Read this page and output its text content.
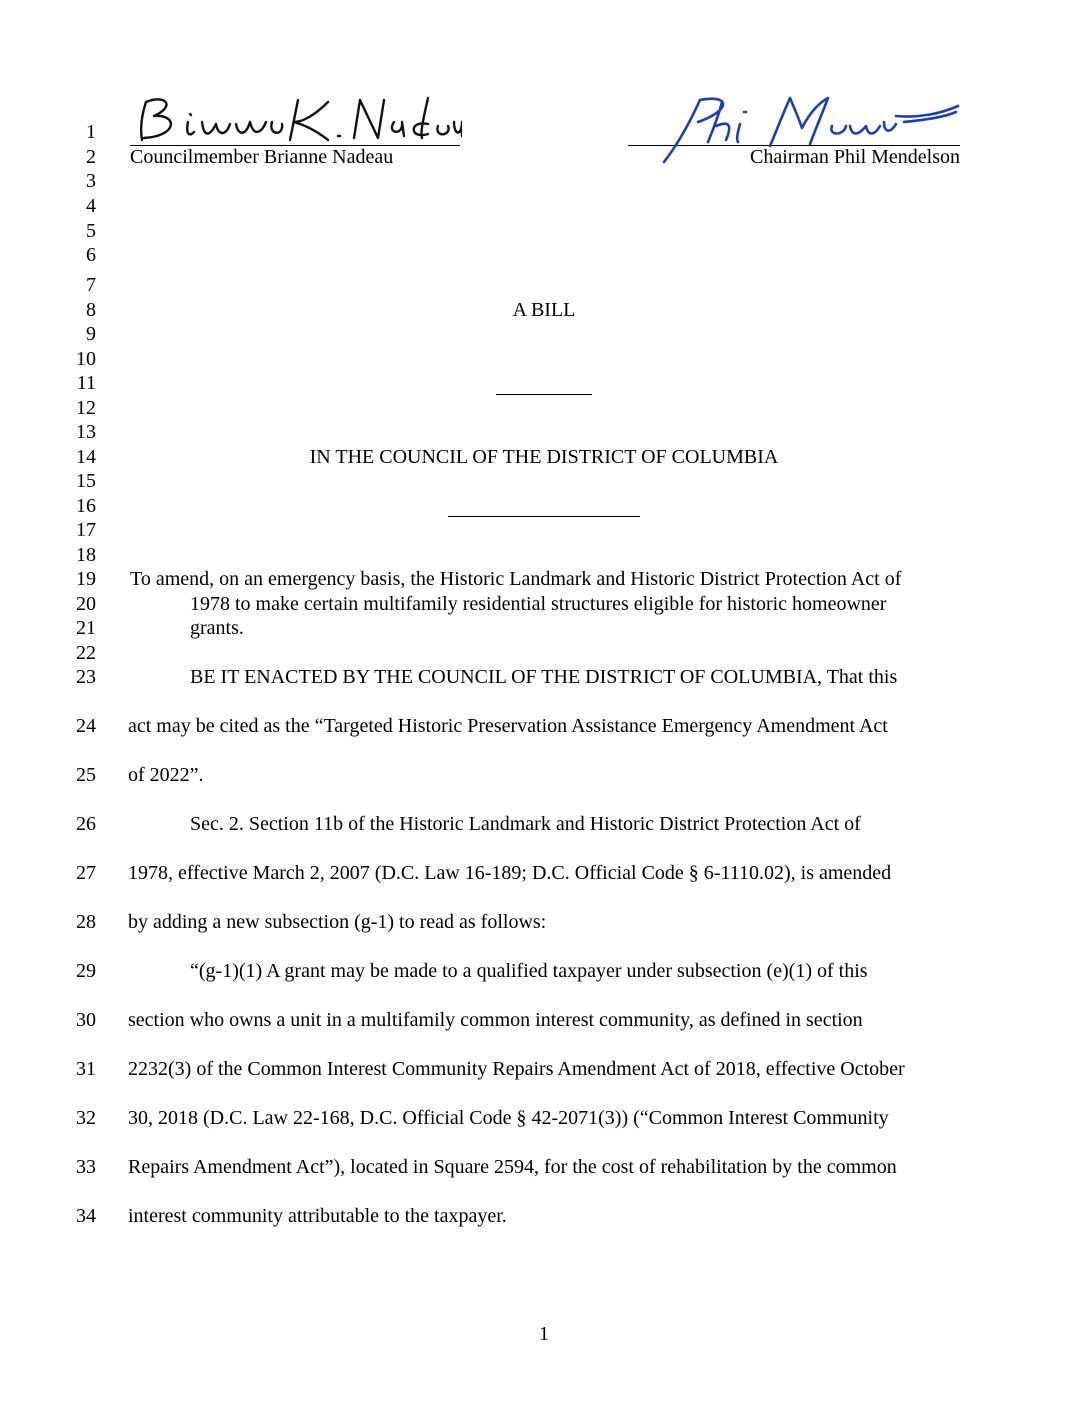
1
2
3
4
5
6
7
8
9
10
11
12
13
14
15
16
17
18
19
20
21
22
23
24
25
26
27
28
29
30
31
32
33
34
Councilmember Brianne Nadeau	Chairman Phil Mendelson
A BILL
IN THE COUNCIL OF THE DISTRICT OF COLUMBIA
To amend, on an emergency basis, the Historic Landmark and Historic District Protection Act of
1978 to make certain multifamily residential structures eligible for historic homeowner
grants.
BE IT ENACTED BY THE COUNCIL OF THE DISTRICT OF COLUMBIA, That this
act may be cited as the “Targeted Historic Preservation Assistance Emergency Amendment Act
of 2022”.
Sec. 2. Section 11b of the Historic Landmark and Historic District Protection Act of
1978, effective March 2, 2007 (D.C. Law 16-189; D.C. Official Code § 6-1110.02), is amended
by adding a new subsection (g-1) to read as follows:
“(g-1)(1) A grant may be made to a qualified taxpayer under subsection (e)(1) of this
section who owns a unit in a multifamily common interest community, as defined in section
2232(3) of the Common Interest Community Repairs Amendment Act of 2018, effective October
30, 2018 (D.C. Law 22-168, D.C. Official Code § 42-2071(3)) (“Common Interest Community
Repairs Amendment Act”), located in Square 2594, for the cost of rehabilitation by the common
interest community attributable to the taxpayer.
1
